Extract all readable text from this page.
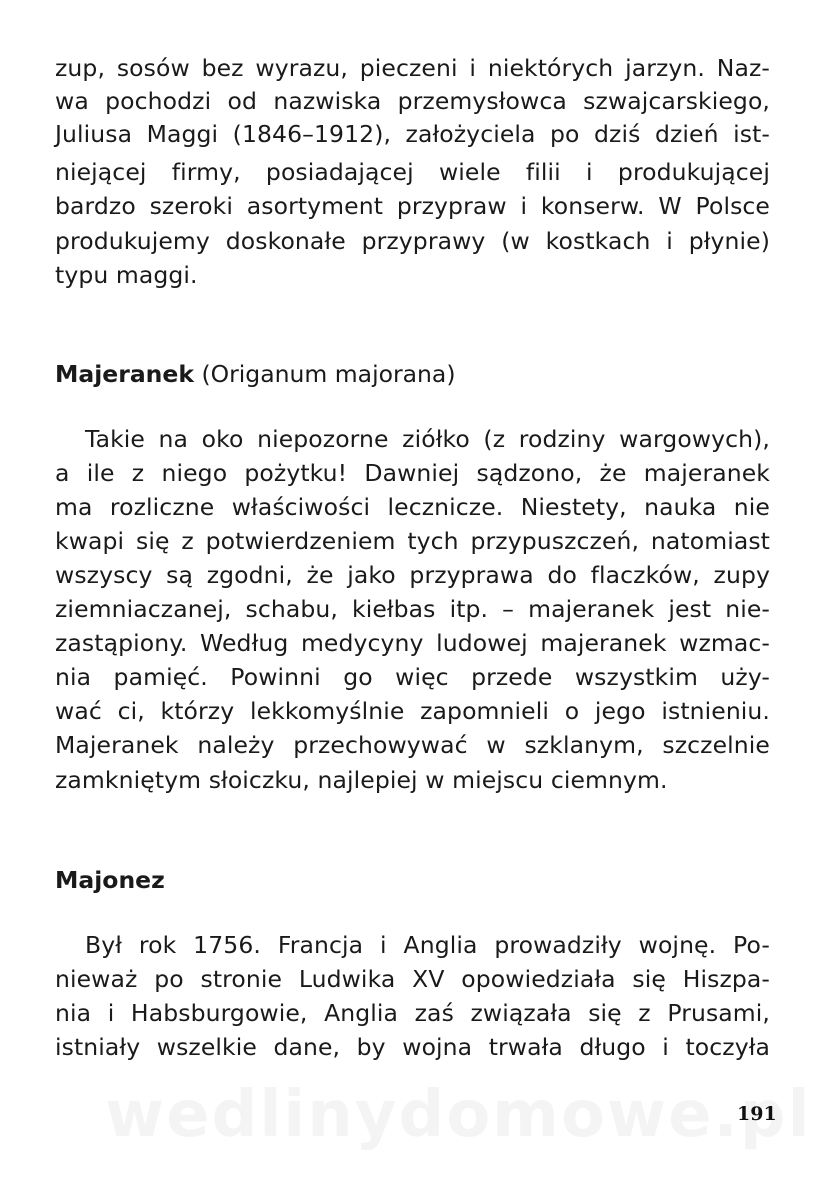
zup, sosów bez wyrazu, pieczeni i niektórych jarzyn. Naz-
wa pochodzi od nazwiska przemysłowca szwajcarskiego,
Juliusa Maggi (1846–1912), założyciela po dziś dzień ist-
niejącej firmy, posiadającej wiele filii i produkującej
bardzo szeroki asortyment przypraw i konserw. W Polsce
produkujemy doskonałe przyprawy (w kostkach i płynie)
typu maggi.
Majeranek (Origanum majorana)
Takie na oko niepozorne ziółko (z rodziny wargowych),
a ile z niego pożytku! Dawniej sądzono, że majeranek
ma rozliczne właściwości lecznicze. Niestety, nauka nie
kwapi się z potwierdzeniem tych przypuszczeń, natomiast
wszyscy są zgodni, że jako przyprawa do flaczków, zupy
ziemniaczanej, schabu, kiełbas itp. – majeranek jest nie-
zastąpiony. Według medycyny ludowej majeranek wzmac-
nia pamięć. Powinni go więc przede wszystkim uży-
wać ci, którzy lekkomyślnie zapomnieli o jego istnieniu.
Majeranek należy przechowywać w szklanym, szczelnie
zamkniętym słoiczku, najlepiej w miejscu ciemnym.
Majonez
Był rok 1756. Francja i Anglia prowadziły wojnę. Po-
nieważ po stronie Ludwika XV opowiedziała się Hiszpa-
nia i Habsburgowie, Anglia zaś związała się z Prusami,
istniały wszelkie dane, by wojna trwała długo i toczyła
191
